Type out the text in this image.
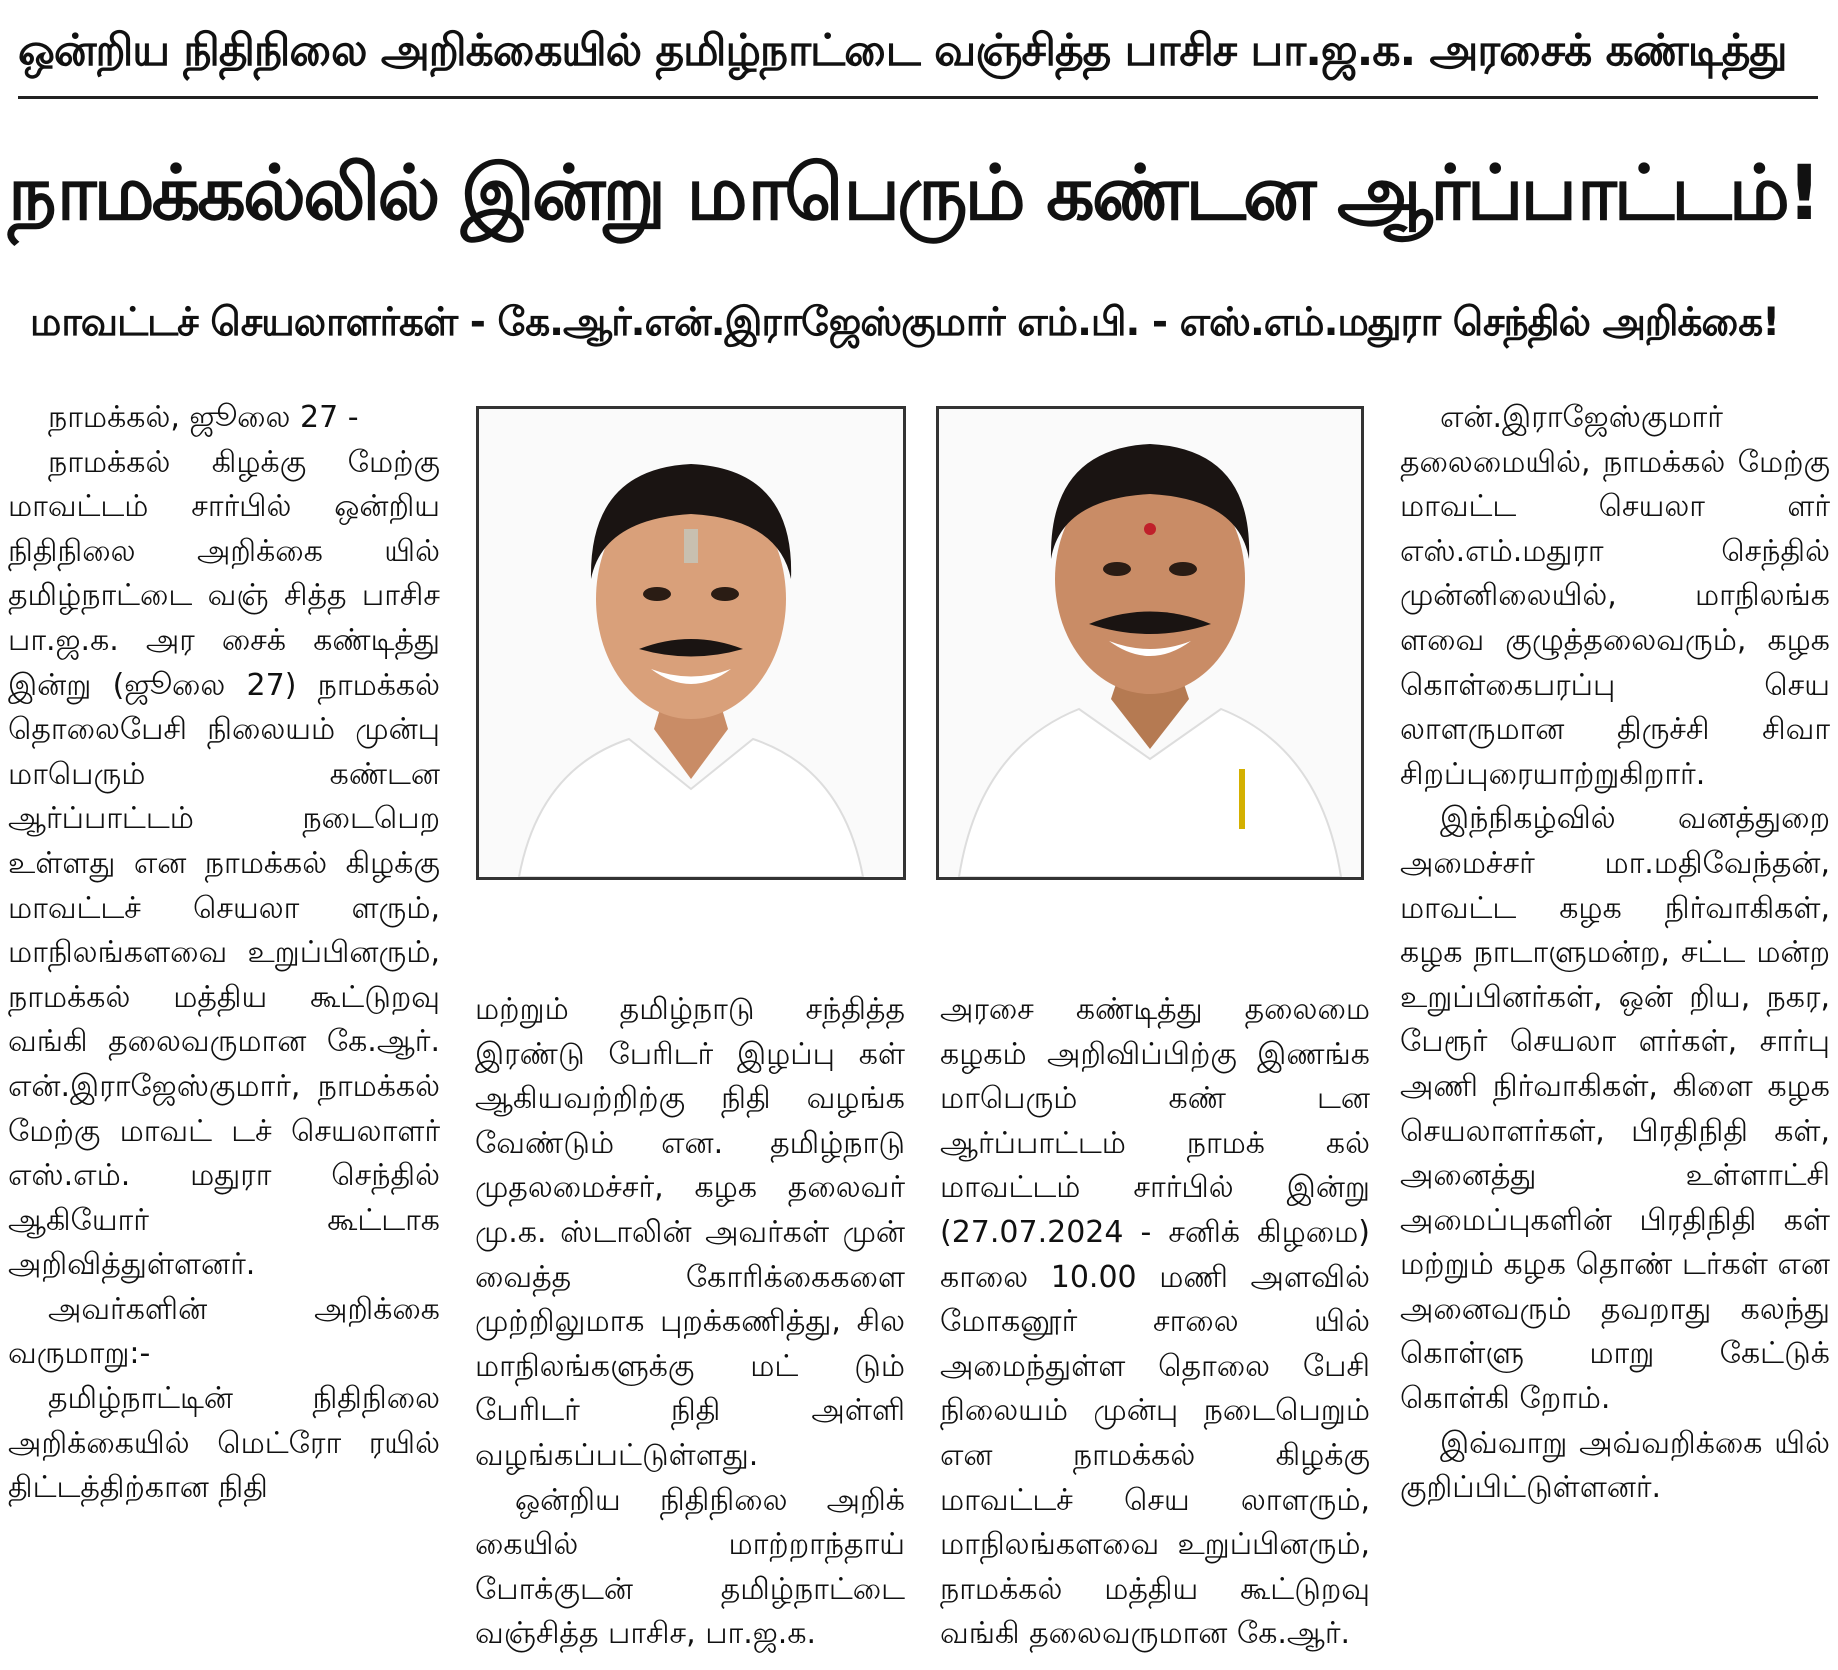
ஒன்றிய நிதிநிலை அறிக்கையில் தமிழ்நாட்டை வஞ்சித்த பாசிச பா.ஜ.க. அரசைக் கண்டித்து
நாமக்கல்லில் இன்று மாபெரும் கண்டன ஆர்ப்பாட்டம்!
மாவட்டச் செயலாளர்கள் - கே.ஆர்.என்.இராஜேஸ்குமார் எம்.பி. - எஸ்.எம்.மதுரா செந்தில் அறிக்கை!

நாமக்கல், ஜூலை 27 -

நாமக்கல் கிழக்கு மேற்கு மாவட்டம் சார்பில் ஒன்றிய நிதிநிலை அறிக்கை யில் தமிழ்நாட்டை வஞ் சித்த பாசிச பா.ஜ.க. அர சைக் கண்டித்து இன்று (ஜூலை 27) நாமக்கல் தொலைபேசி நிலையம் முன்பு மாபெரும் கண்டன ஆர்ப்பாட்டம் நடைபெற உள்ளது என நாமக்கல் கிழக்கு மாவட்டச் செயலா ளரும், மாநிலங்களவை உறுப்பினரும், நாமக்கல் மத்திய கூட்டுறவு வங்கி தலைவருமான கே.ஆர். என்.இராஜேஸ்குமார், நாமக்கல் மேற்கு மாவட் டச் செயலாளர் எஸ்.எம். மதுரா செந்தில் ஆகியோர் கூட்டாக அறிவித்துள்ளனர்.

அவர்களின் அறிக்கை வருமாறு:-

தமிழ்நாட்டின் நிதிநிலை அறிக்கையில் மெட்ரோ ரயில் திட்டத்திற்கான நிதி

மற்றும் தமிழ்நாடு சந்தித்த இரண்டு பேரிடர் இழப்பு கள் ஆகியவற்றிற்கு நிதி வழங்க வேண்டும் என. தமிழ்நாடு முதலமைச்சர், கழக தலைவர் மு.க. ஸ்டாலின் அவர்கள் முன் வைத்த கோரிக்கைகளை முற்றிலுமாக புறக்கணித்து, சில மாநிலங்களுக்கு மட் டும் பேரிடர் நிதி அள்ளி வழங்கப்பட்டுள்ளது.

ஒன்றிய நிதிநிலை அறிக் கையில் மாற்றாந்தாய் போக்குடன் தமிழ்நாட்டை வஞ்சித்த பாசிச, பா.ஜ.க.

அரசை கண்டித்து தலைமை கழகம் அறிவிப்பிற்கு இணங்க மாபெரும் கண் டன ஆர்ப்பாட்டம் நாமக் கல் மாவட்டம் சார்பில் இன்று (27.07.2024 - சனிக் கிழமை) காலை 10.00 மணி அளவில் மோகனூர் சாலை யில் அமைந்துள்ள தொலை பேசி நிலையம் முன்பு நடைபெறும் என நாமக்கல் கிழக்கு மாவட்டச் செய லாளரும், மாநிலங்களவை உறுப்பினரும், நாமக்கல் மத்திய கூட்டுறவு வங்கி தலைவருமான கே.ஆர்.

என்.இராஜேஸ்குமார் தலைமையில், நாமக்கல் மேற்கு மாவட்ட செயலா ளர் எஸ்.எம்.மதுரா செந்தில் முன்னிலையில், மாநிலங்க ளவை குழுத்தலைவரும், கழக கொள்கைபரப்பு செய லாளருமான திருச்சி சிவா சிறப்புரையாற்றுகிறார்.

இந்நிகழ்வில் வனத்துறை அமைச்சர் மா.மதிவேந்தன், மாவட்ட கழக நிர்வாகிகள், கழக நாடாளுமன்ற, சட்ட மன்ற உறுப்பினர்கள், ஒன் றிய, நகர, பேரூர் செயலா ளர்கள், சார்பு அணி நிர்வாகிகள், கிளை கழக செயலாளர்கள், பிரதிநிதி கள், அனைத்து உள்ளாட்சி அமைப்புகளின் பிரதிநிதி கள் மற்றும் கழக தொண் டர்கள் என அனைவரும் தவறாது கலந்து கொள்ளு மாறு கேட்டுக் கொள்கி றோம்.

இவ்வாறு அவ்வறிக்கை யில் குறிப்பிட்டுள்ளனர்.
